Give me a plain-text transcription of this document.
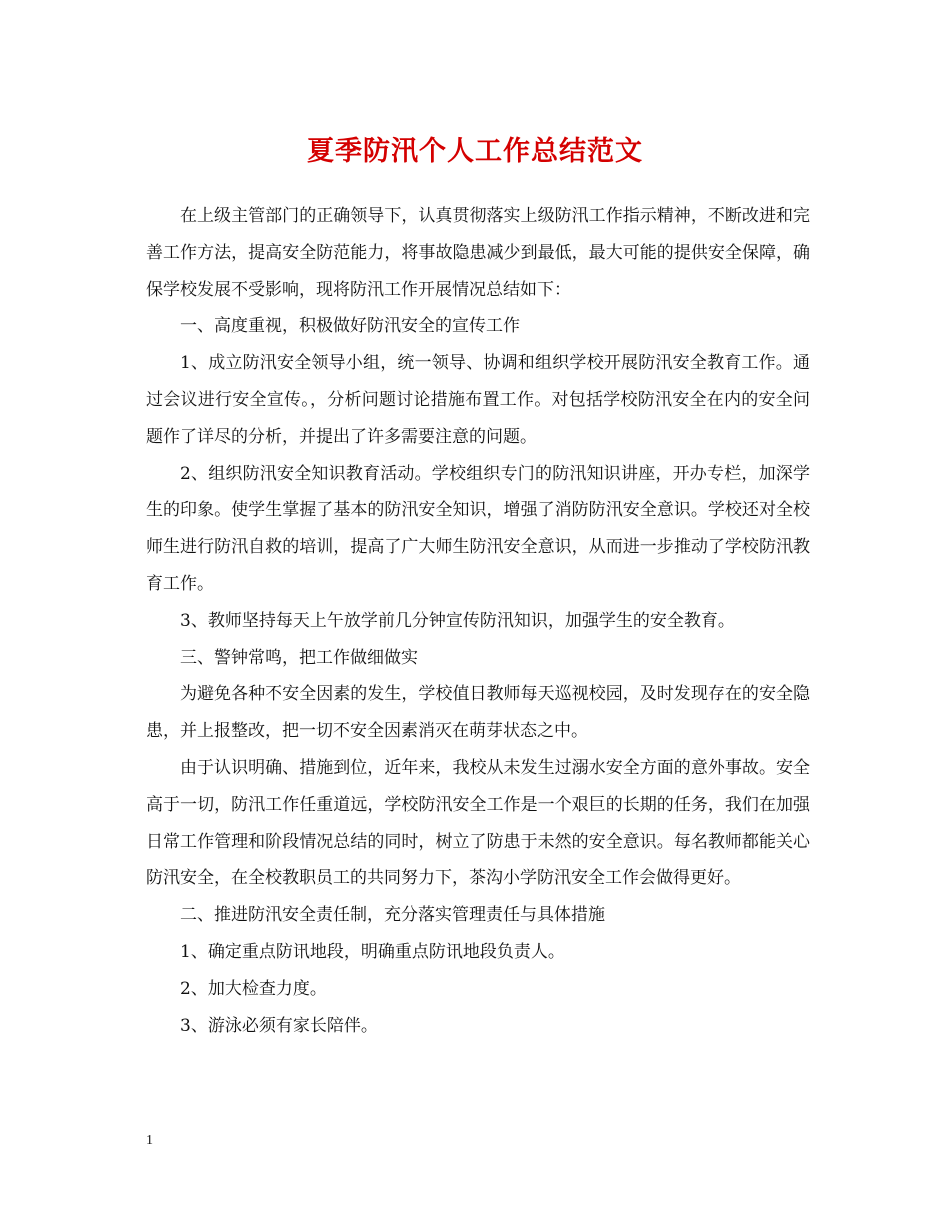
夏季防汛个人工作总结范文

在上级主管部门的正确领导下，认真贯彻落实上级防汛工作指示精神，不断改进和完善工作方法，提高安全防范能力，将事故隐患减少到最低，最大可能的提供安全保障，确保学校发展不受影响，现将防汛工作开展情况总结如下：

一、高度重视，积极做好防汛安全的宣传工作

1、成立防汛安全领导小组，统一领导、协调和组织学校开展防汛安全教育工作。通过会议进行安全宣传。，分析问题讨论措施布置工作。对包括学校防汛安全在内的安全问题作了详尽的分析，并提出了许多需要注意的问题。

2、组织防汛安全知识教育活动。学校组织专门的防汛知识讲座，开办专栏，加深学生的印象。使学生掌握了基本的防汛安全知识，增强了消防防汛安全意识。学校还对全校师生进行防汛自救的培训，提高了广大师生防汛安全意识，从而进一步推动了学校防汛教育工作。

3、教师坚持每天上午放学前几分钟宣传防汛知识，加强学生的安全教育。

三、警钟常鸣，把工作做细做实

为避免各种不安全因素的发生，学校值日教师每天巡视校园，及时发现存在的安全隐患，并上报整改，把一切不安全因素消灭在萌芽状态之中。

由于认识明确、措施到位，近年来，我校从未发生过溺水安全方面的意外事故。安全高于一切，防汛工作任重道远，学校防汛安全工作是一个艰巨的长期的任务，我们在加强日常工作管理和阶段情况总结的同时，树立了防患于未然的安全意识。每名教师都能关心防汛安全，在全校教职员工的共同努力下，茶沟小学防汛安全工作会做得更好。

二、推进防汛安全责任制，充分落实管理责任与具体措施

1、确定重点防讯地段，明确重点防讯地段负责人。

2、加大检查力度。

3、游泳必须有家长陪伴。

1
